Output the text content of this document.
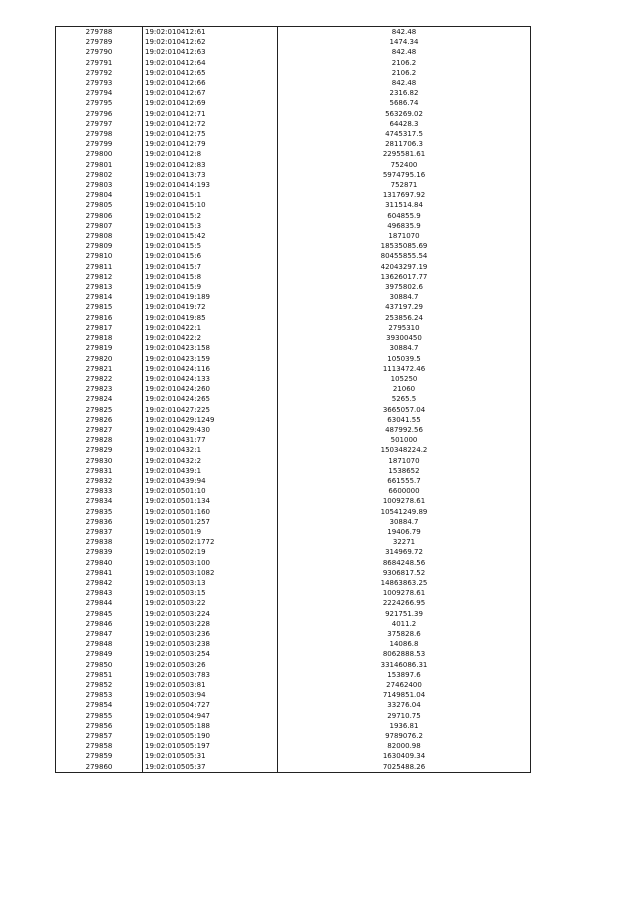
279788	19:02:010412:61	842.48
279789	19:02:010412:62	1474.34
279790	19:02:010412:63	842.48
279791	19:02:010412:64	2106.2
279792	19:02:010412:65	2106.2
279793	19:02:010412:66	842.48
279794	19:02:010412:67	2316.82
279795	19:02:010412:69	5686.74
279796	19:02:010412:71	563269.02
279797	19:02:010412:72	64428.3
279798	19:02:010412:75	4745317.5
279799	19:02:010412:79	2811706.3
279800	19:02:010412:8	2295581.61
279801	19:02:010412:83	752400
279802	19:02:010413:73	5974795.16
279803	19:02:010414:193	752871
279804	19:02:010415:1	1317697.92
279805	19:02:010415:10	311514.84
279806	19:02:010415:2	604855.9
279807	19:02:010415:3	496835.9
279808	19:02:010415:42	1871070
279809	19:02:010415:5	18535085.69
279810	19:02:010415:6	80455855.54
279811	19:02:010415:7	42043297.19
279812	19:02:010415:8	13626017.77
279813	19:02:010415:9	3975802.6
279814	19:02:010419:189	30884.7
279815	19:02:010419:72	437197.29
279816	19:02:010419:85	253856.24
279817	19:02:010422:1	2795310
279818	19:02:010422:2	39300450
279819	19:02:010423:158	30884.7
279820	19:02:010423:159	105039.5
279821	19:02:010424:116	1113472.46
279822	19:02:010424:133	105250
279823	19:02:010424:260	21060
279824	19:02:010424:265	5265.5
279825	19:02:010427:225	3665057.04
279826	19:02:010429:1249	63041.55
279827	19:02:010429:430	487992.56
279828	19:02:010431:77	501000
279829	19:02:010432:1	150348224.2
279830	19:02:010432:2	1871070
279831	19:02:010439:1	1538652
279832	19:02:010439:94	661555.7
279833	19:02:010501:10	6600000
279834	19:02:010501:134	1009278.61
279835	19:02:010501:160	10541249.89
279836	19:02:010501:257	30884.7
279837	19:02:010501:9	19406.79
279838	19:02:010502:1772	32271
279839	19:02:010502:19	314969.72
279840	19:02:010503:100	8684248.56
279841	19:02:010503:1082	9306817.52
279842	19:02:010503:13	14863863.25
279843	19:02:010503:15	1009278.61
279844	19:02:010503:22	2224266.95
279845	19:02:010503:224	921751.39
279846	19:02:010503:228	4011.2
279847	19:02:010503:236	375828.6
279848	19:02:010503:238	14086.8
279849	19:02:010503:254	8062888.53
279850	19:02:010503:26	33146086.31
279851	19:02:010503:783	153897.6
279852	19:02:010503:81	27462400
279853	19:02:010503:94	7149851.04
279854	19:02:010504:727	33276.04
279855	19:02:010504:947	29710.75
279856	19:02:010505:188	1936.81
279857	19:02:010505:190	9789076.2
279858	19:02:010505:197	82000.98
279859	19:02:010505:31	1630409.34
279860	19:02:010505:37	7025488.26
